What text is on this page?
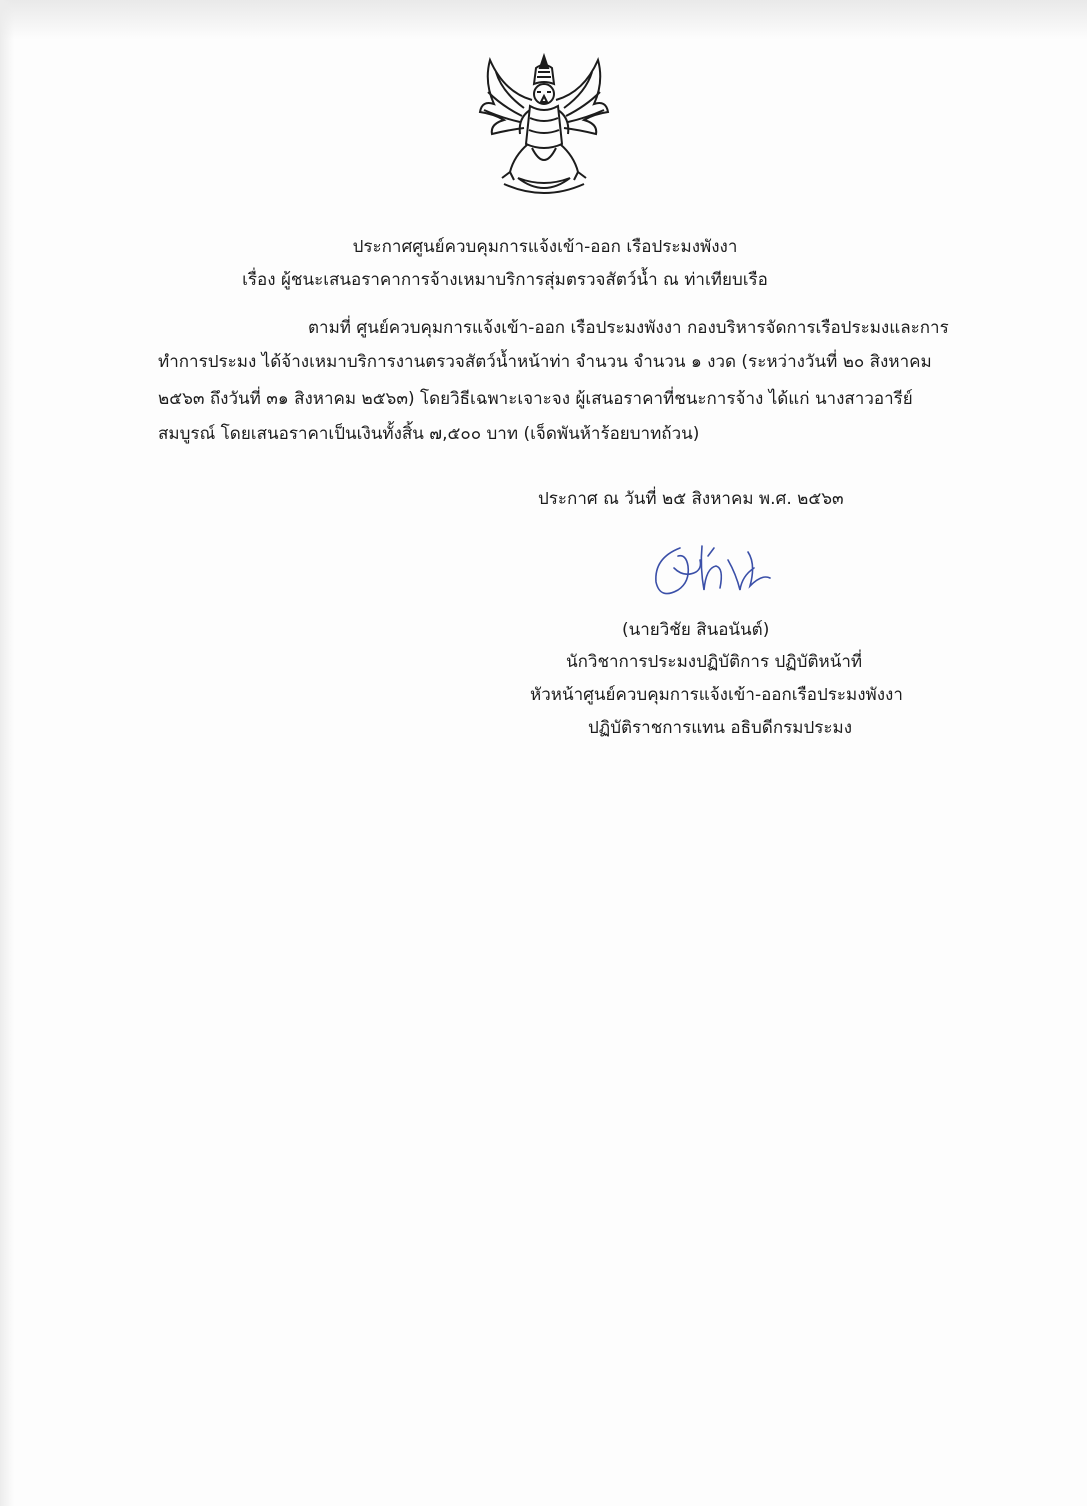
ประกาศศูนย์ควบคุมการแจ้งเข้า-ออก เรือประมงพังงา
เรื่อง ผู้ชนะเสนอราคาการจ้างเหมาบริการสุ่มตรวจสัตว์น้ำ ณ ท่าเทียบเรือ
ตามที่ ศูนย์ควบคุมการแจ้งเข้า-ออก เรือประมงพังงา กองบริหารจัดการเรือประมงและการ
ทำการประมง ได้จ้างเหมาบริการงานตรวจสัตว์น้ำหน้าท่า จำนวน จำนวน ๑ งวด (ระหว่างวันที่ ๒๐ สิงหาคม
๒๕๖๓ ถึงวันที่ ๓๑ สิงหาคม ๒๕๖๓) โดยวิธีเฉพาะเจาะจง ผู้เสนอราคาที่ชนะการจ้าง ได้แก่ นางสาวอารีย์
สมบูรณ์ โดยเสนอราคาเป็นเงินทั้งสิ้น ๗,๕๐๐ บาท (เจ็ดพันห้าร้อยบาทถ้วน)
ประกาศ ณ วันที่ ๒๕ สิงหาคม พ.ศ. ๒๕๖๓
(นายวิชัย สินอนันต์)
นักวิชาการประมงปฏิบัติการ ปฏิบัติหน้าที่
หัวหน้าศูนย์ควบคุมการแจ้งเข้า-ออกเรือประมงพังงา
ปฏิบัติราชการแทน อธิบดีกรมประมง
